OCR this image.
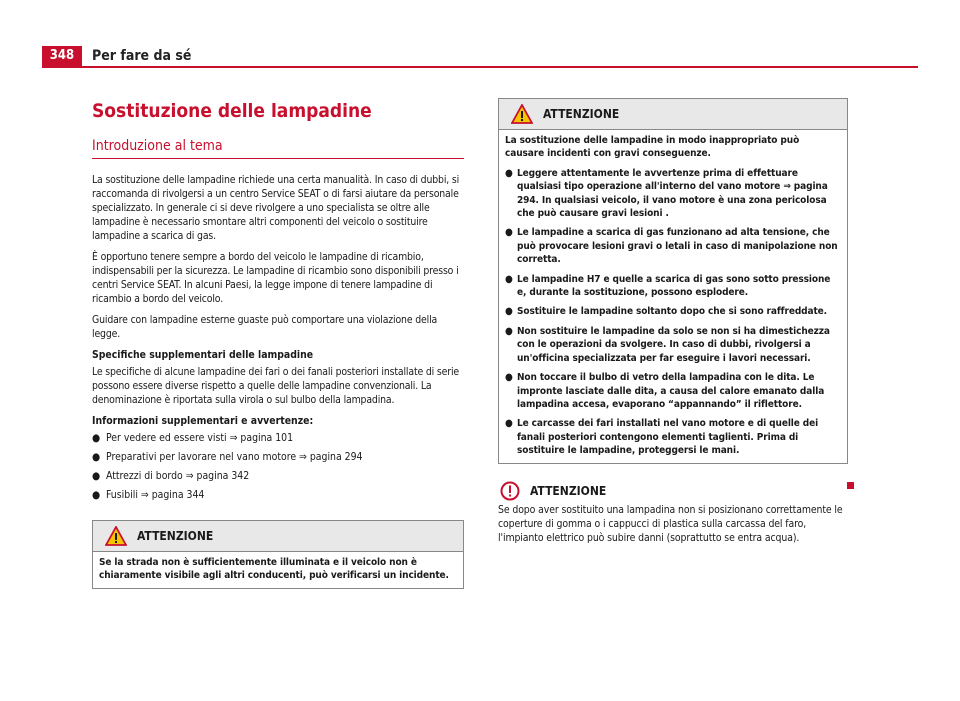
348	Per fare da sé
Sostituzione delle lampadine
Introduzione al tema

La sostituzione delle lampadine richiede una certa manualità. In caso di dubbi, si raccomanda di rivolgersi a un centro Service SEAT o di farsi aiutare da personale specializzato. In generale ci si deve rivolgere a uno specialista se oltre alle lampadine è necessario smontare altri componenti del veicolo o sostituire lampadine a scarica di gas.

È opportuno tenere sempre a bordo del veicolo le lampadine di ricambio, indispensabili per la sicurezza. Le lampadine di ricambio sono disponibili presso i centri Service SEAT. In alcuni Paesi, la legge impone di tenere lampadine di ricambio a bordo del veicolo.

Guidare con lampadine esterne guaste può comportare una violazione della legge.

Specifiche supplementari delle lampadine

Le specifiche di alcune lampadine dei fari o dei fanali posteriori installate di serie possono essere diverse rispetto a quelle delle lampadine convenzionali. La denominazione è riportata sulla virola o sul bulbo della lampadina.

Informazioni supplementari e avvertenze:

● Per vedere ed essere visti ⇒ pagina 101
● Preparativi per lavorare nel vano motore ⇒ pagina 294
● Attrezzi di bordo ⇒ pagina 342
● Fusibili ⇒ pagina 344
ATTENZIONE

Se la strada non è sufficientemente illuminata e il veicolo non è chiaramente visibile agli altri conducenti, può verificarsi un incidente.

ATTENZIONE

La sostituzione delle lampadine in modo inappropriato può causare incidenti con gravi conseguenze.

● Leggere attentamente le avvertenze prima di effettuare qualsiasi tipo operazione all'interno del vano motore ⇒ pagina 294. In qualsiasi veicolo, il vano motore è una zona pericolosa che può causare gravi lesioni .

● Le lampadine a scarica di gas funzionano ad alta tensione, che può provocare lesioni gravi o letali in caso di manipolazione non corretta.

● Le lampadine H7 e quelle a scarica di gas sono sotto pressione e, durante la sostituzione, possono esplodere.

● Sostituire le lampadine soltanto dopo che si sono raffreddate.

● Non sostituire le lampadine da solo se non si ha dimestichezza con le operazioni da svolgere. In caso di dubbi, rivolgersi a un'officina specializzata per far eseguire i lavori necessari.

● Non toccare il bulbo di vetro della lampadina con le dita. Le impronte lasciate dalle dita, a causa del calore emanato dalla lampadina accesa, evaporano “appannando” il riflettore.

● Le carcasse dei fari installati nel vano motore e di quelle dei fanali posteriori contengono elementi taglienti. Prima di sostituire le lampadine, proteggersi le mani.

ATTENZIONE
Se dopo aver sostituito una lampadina non si posizionano correttamente le coperture di gomma o i cappucci di plastica sulla carcassa del faro, l'impianto elettrico può subire danni (soprattutto se entra acqua).
